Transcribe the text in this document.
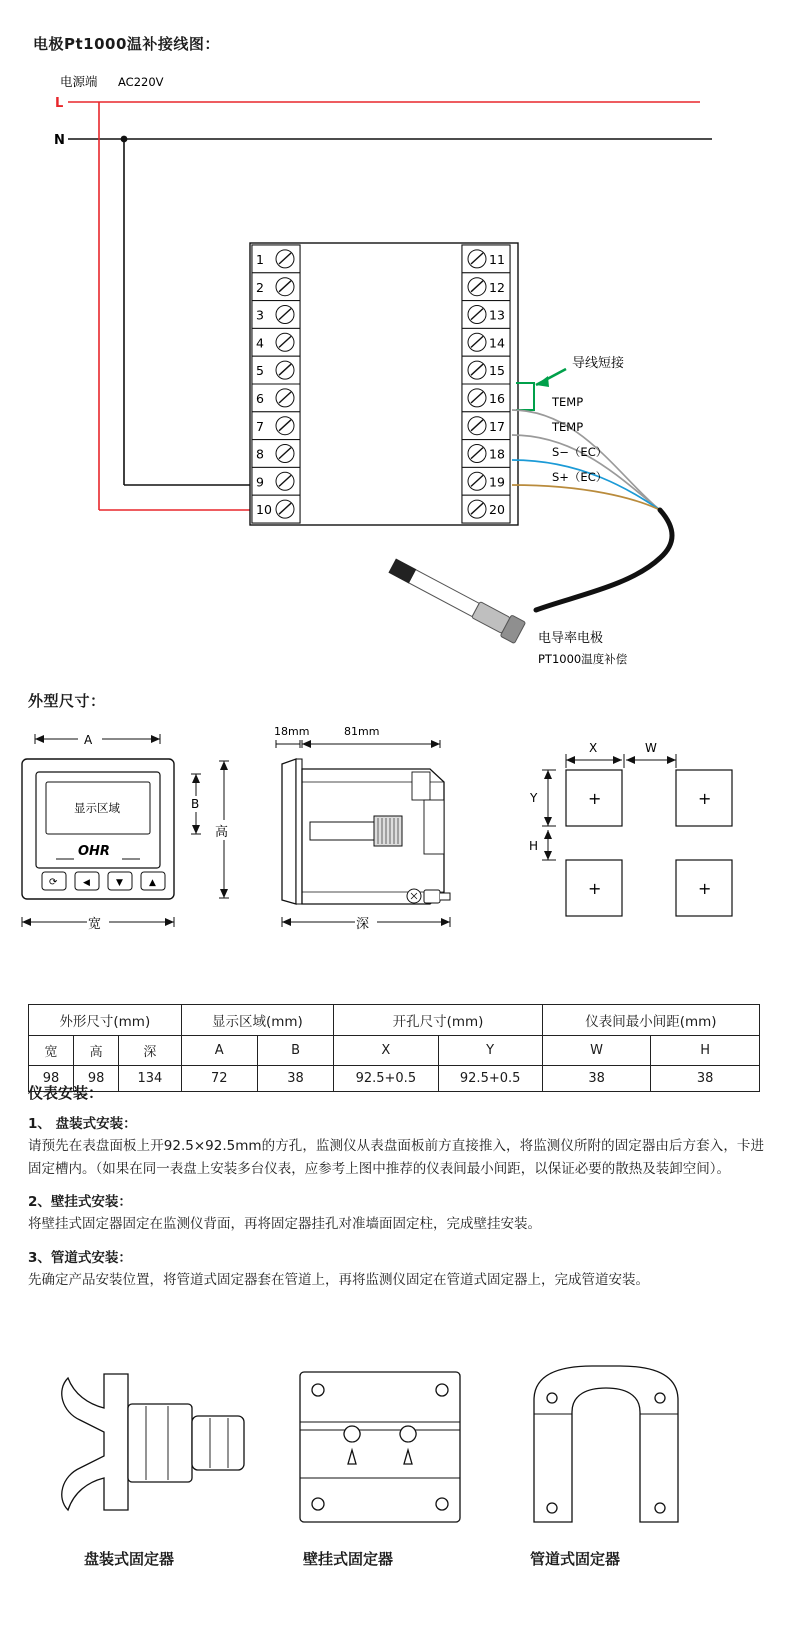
电极Pt1000温补接线图：
电源端 AC220V
L
N
1
2
3
4
5
6
7
8
9
10
11
12
13
14
15
16
17
18
19
20
导线短接
TEMP
TEMP
S−（EC）
S+（EC）
电导率电极
PT1000温度补偿
外型尺寸：
A
显示区域
OHR
⟳	◀	▼	▲
B
高
宽
18mm	81mm
深
X	W
+	+
+	+
Y
H
外形尺寸(mm)			显示区域(mm)		开孔尺寸(mm)		仪表间最小间距(mm)	
宽	高	深	A	B	X	Y	W	H
98	98	134	72	38	92.5+0.5	92.5+0.5	38	38
仪表安装：
1、 盘装式安装：

请预先在表盘面板上开92.5×92.5mm的方孔，监测仪从表盘面板前方直接推入，将监测仪所附的固定器由后方套入，卡进固定槽内。（如果在同一表盘上安装多台仪表，应参考上图中推荐的仪表间最小间距，以保证必要的散热及装卸空间）。

2、壁挂式安装：

将壁挂式固定器固定在监测仪背面，再将固定器挂孔对准墙面固定柱，完成壁挂安装。

3、管道式安装：

先确定产品安装位置，将管道式固定器套在管道上，再将监测仪固定在管道式固定器上，完成管道安装。

盘装式固定器	壁挂式固定器	管道式固定器
